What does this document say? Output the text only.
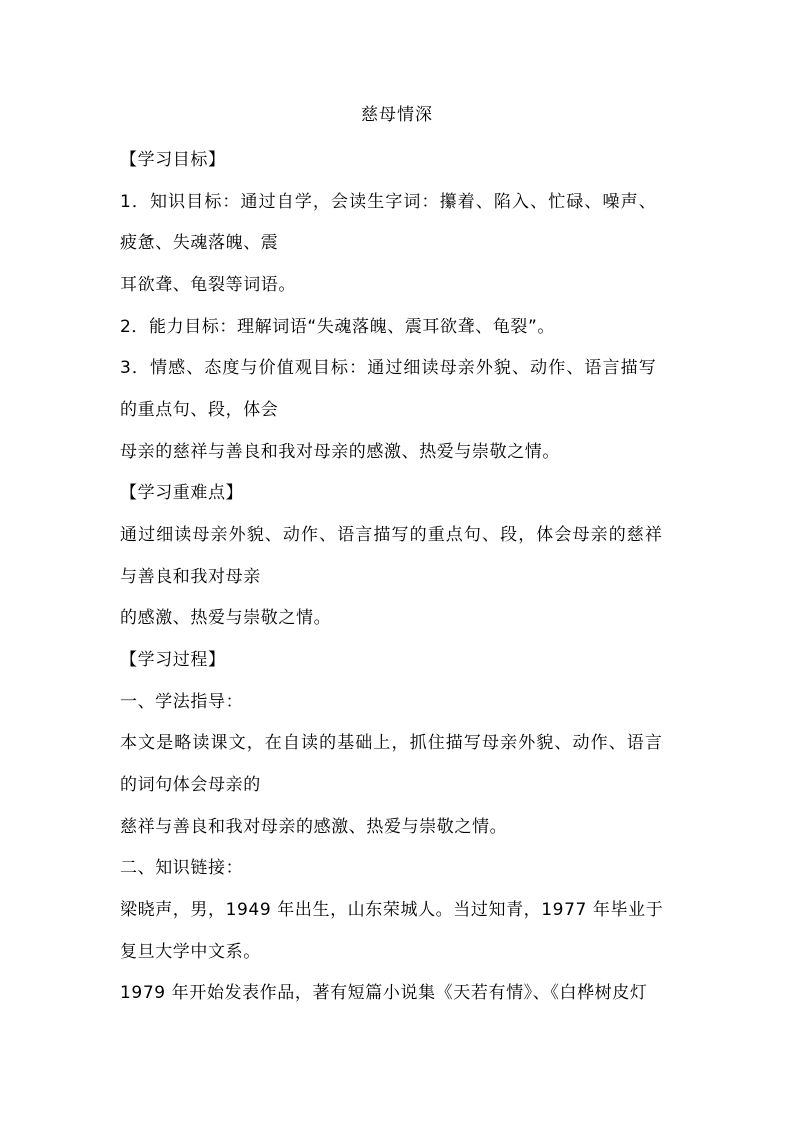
慈母情深
【学习目标】
1．知识目标：通过自学，会读生字词：攥着、陷入、忙碌、噪声、
疲惫、失魂落魄、震
耳欲聋、龟裂等词语。
2．能力目标：理解词语“失魂落魄、震耳欲聋、龟裂”。
3．情感、态度与价值观目标：通过细读母亲外貌、动作、语言描写
的重点句、段，体会
母亲的慈祥与善良和我对母亲的感激、热爱与崇敬之情。
【学习重难点】
通过细读母亲外貌、动作、语言描写的重点句、段，体会母亲的慈祥
与善良和我对母亲
的感激、热爱与崇敬之情。
【学习过程】
一、学法指导：
本文是略读课文，在自读的基础上，抓住描写母亲外貌、动作、语言
的词句体会母亲的
慈祥与善良和我对母亲的感激、热爱与崇敬之情。
二、知识链接：
梁晓声，男，1949 年出生，山东荣城人。当过知青，1977 年毕业于
复旦大学中文系。
1979 年开始发表作品，著有短篇小说集《天若有情》、《白桦树皮灯
